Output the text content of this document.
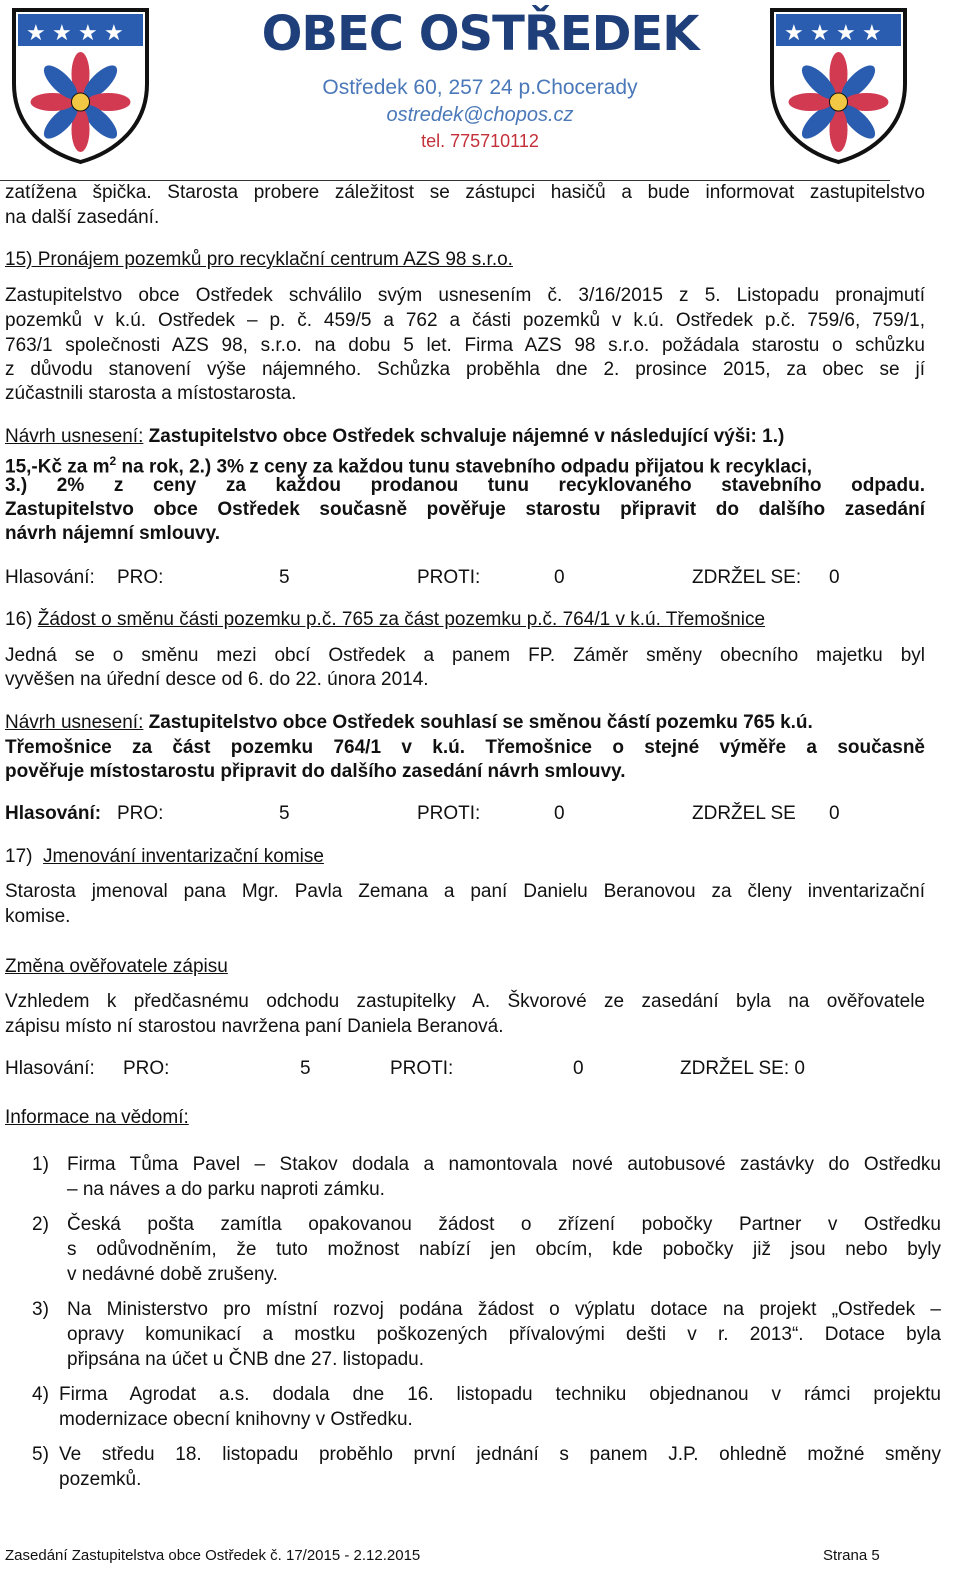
★ ★ ★ ★	★ ★ ★ ★
OBEC OSTŘEDEK
Ostředek 60, 257 24 p.Chocerady
ostredek@chopos.cz
tel. 775710112

zatížena špička. Starosta probere záležitost se zástupci hasičů a bude informovat zastupitelstvo

na další zasedání.

15) Pronájem pozemků pro recyklační centrum AZS 98 s.r.o.

Zastupitelstvo obce Ostředek schválilo svým usnesením č. 3/16/2015 z 5. Listopadu pronajmutí

pozemků v k.ú. Ostředek – p. č. 459/5 a 762 a části pozemků v k.ú. Ostředek p.č. 759/6, 759/1,

763/1 společnosti AZS 98, s.r.o. na dobu 5 let. Firma AZS 98 s.r.o. požádala starostu o schůzku

z důvodu stanovení výše nájemného. Schůzka proběhla dne 2. prosince 2015, za obec se jí

zúčastnili starosta a místostarosta.

Návrh usnesení: Zastupitelstvo obce Ostředek schvaluje nájemné v následující výši: 1.)

15,-Kč za $m^2$ na rok, 2.) 3% z ceny za každou tunu stavebního odpadu přijatou k recyklaci,

3.) 2% z ceny za každou prodanou tunu recyklovaného stavebního odpadu.

Zastupitelstvo obce Ostředek současně pověřuje starostu připravit do dalšího zasedání

návrh nájemní smlouvy.

Hlasování: PRO:	5	PROTI:	0	ZDRŽEL SE: 0

16) Žádost o směnu části pozemku p.č. 765 za část pozemku p.č. 764/1 v k.ú. Třemošnice

Jedná se o směnu mezi obcí Ostředek a panem FP. Záměr směny obecního majetku byl

vyvěšen na úřední desce od 6. do 22. února 2014.

Návrh usnesení: Zastupitelstvo obce Ostředek souhlasí se směnou částí pozemku 765 k.ú.

Třemošnice za část pozemku 764/1 v k.ú. Třemošnice o stejné výměře a současně

pověřuje místostarostu připravit do dalšího zasedání návrh smlouvy.

Hlasování: PRO:	5	PROTI:	0	ZDRŽEL SE 0

17) Jmenování inventarizační komise

Starosta jmenoval pana Mgr. Pavla Zemana a paní Danielu Beranovou za členy inventarizační

komise.

Změna ověřovatele zápisu

Vzhledem k předčasnému odchodu zastupitelky A. Škvorové ze zasedání byla na ověřovatele

zápisu místo ní starostou navržena paní Daniela Beranová.

Hlasování: PRO:	5	PROTI:	0	ZDRŽEL SE: 0

Informace na vědomí:

1) Firma Tůma Pavel – Stakov dodala a namontovala nové autobusové zastávky do Ostředku

– na náves a do parku naproti zámku.

2) Česká pošta zamítla opakovanou žádost o zřízení pobočky Partner v Ostředku

s odůvodněním, že tuto možnost nabízí jen obcím, kde pobočky již jsou nebo byly

v nedávné době zrušeny.

3) Na Ministerstvo pro místní rozvoj podána žádost o výplatu dotace na projekt „Ostředek –

opravy komunikací a mostku poškozených přívalovými dešti v r. 2013“. Dotace byla

připsána na účet u ČNB dne 27. listopadu.

4) Firma Agrodat a.s. dodala dne 16. listopadu techniku objednanou v rámci projektu

modernizace obecní knihovny v Ostředku.

5) Ve středu 18. listopadu proběhlo první jednání s panem J.P. ohledně možné směny

pozemků.

Zasedání Zastupitelstva obce Ostředek č. 17/2015 - 2.12.2015	Strana 5
